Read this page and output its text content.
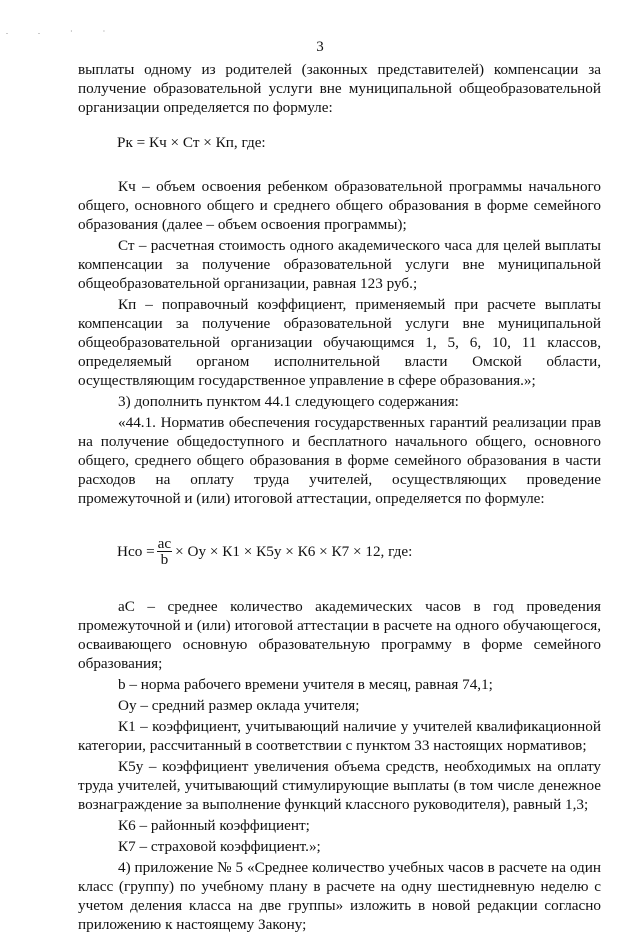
. . · ·
3

выплаты одному из родителей (законных представителей) компенсации за получение образовательной услуги вне муниципальной общеобразовательной организации определяется по формуле:

Рк = Кч × Ст × Кп, где:

Кч – объем освоения ребенком образовательной программы начального общего, основного общего и среднего общего образования в форме семейного образования (далее – объем освоения программы);

Ст – расчетная стоимость одного академического часа для целей выплаты компенсации за получение образовательной услуги вне муниципальной общеобразовательной организации, равная 123 руб.;

Кп – поправочный коэффициент, применяемый при расчете выплаты компенсации за получение образовательной услуги вне муниципальной общеобразовательной организации обучающимся 1, 5, 6, 10, 11 классов, определяемый органом исполнительной власти Омской области, осуществляющим государственное управление в сфере образования.»;

3) дополнить пунктом 44.1 следующего содержания:

«44.1. Норматив обеспечения государственных гарантий реализации прав на получение общедоступного и бесплатного начального общего, основного общего, среднего общего образования в форме семейного образования в части расходов на оплату труда учителей, осуществляющих проведение промежуточной и (или) итоговой аттестации, определяется по формуле:

Нсо = $\frac{ас}{b}$ × Оу × К1 × К5у × К6 × К7 × 12, где:

аС – среднее количество академических часов в год проведения промежуточной и (или) итоговой аттестации в расчете на одного обучающегося, осваивающего основную образовательную программу в форме семейного образования;

b – норма рабочего времени учителя в месяц, равная 74,1;

Оу – средний размер оклада учителя;

К1 – коэффициент, учитывающий наличие у учителей квалификационной категории, рассчитанный в соответствии с пунктом 33 настоящих нормативов;

К5у – коэффициент увеличения объема средств, необходимых на оплату труда учителей, учитывающий стимулирующие выплаты (в том числе денежное вознаграждение за выполнение функций классного руководителя), равный 1,3;

К6 – районный коэффициент;

К7 – страховой коэффициент.»;

4) приложение № 5 «Среднее количество учебных часов в расчете на один класс (группу) по учебному плану в расчете на одну шестидневную неделю с учетом деления класса на две группы» изложить в новой редакции согласно приложению к настоящему Закону;
